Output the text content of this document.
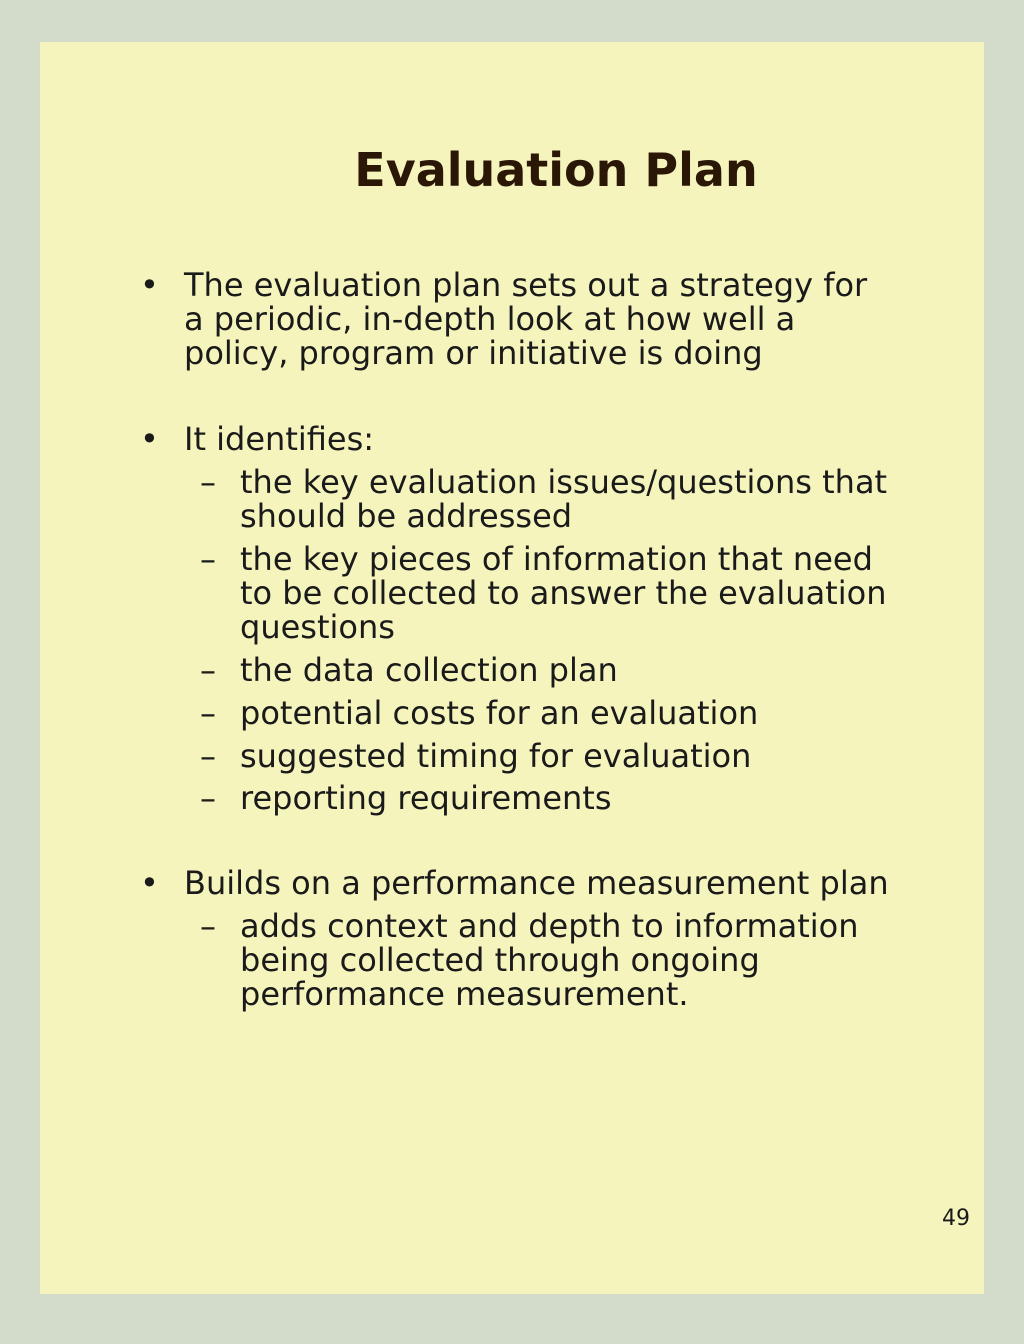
Evaluation Plan
• The evaluation plan sets out a strategy for
a periodic, in-depth look at how well a
policy, program or initiative is doing
• It identifies:
– the key evaluation issues/questions that
should be addressed
– the key pieces of information that need
to be collected to answer the evaluation
questions
– the data collection plan
– potential costs for an evaluation
– suggested timing for evaluation
– reporting requirements
• Builds on a performance measurement plan
– adds context and depth to information
being collected through ongoing
performance measurement.
49
